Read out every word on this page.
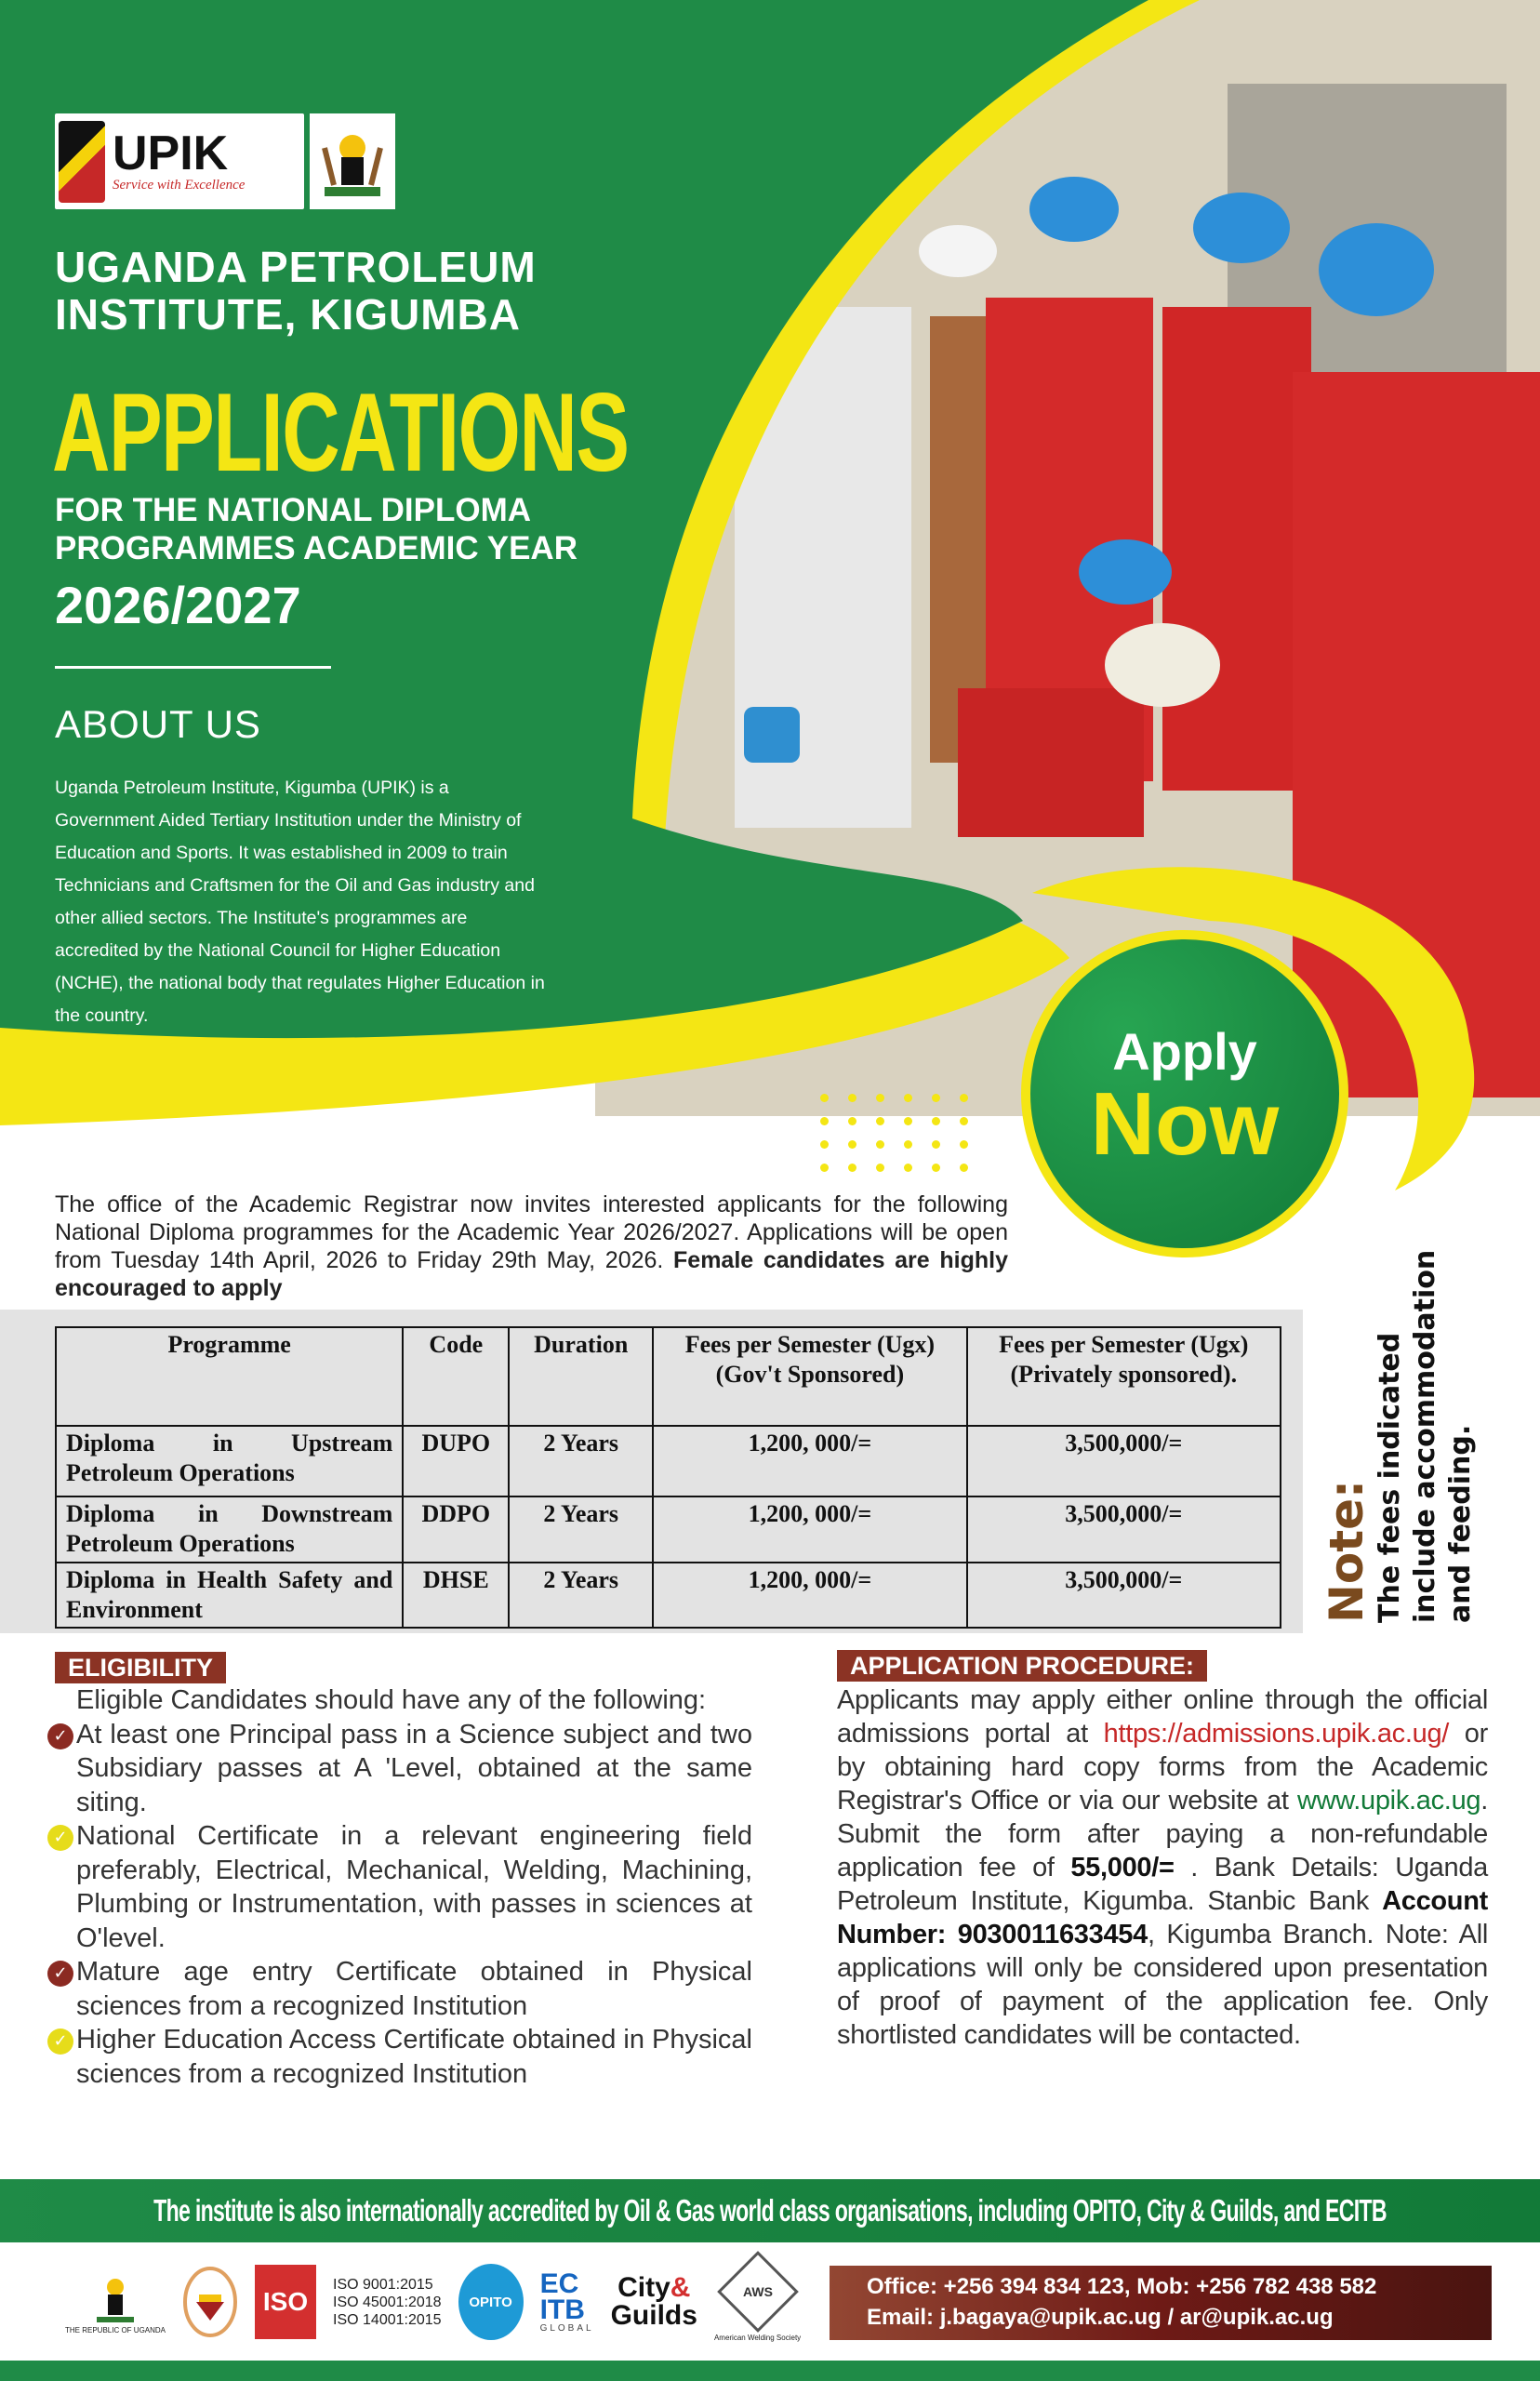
UPIK
Service with Excellence
UGANDA PETROLEUM
INSTITUTE, KIGUMBA
APPLICATIONS
FOR THE NATIONAL DIPLOMA
PROGRAMMES ACADEMIC YEAR
2026/2027
ABOUT US
Uganda Petroleum Institute, Kigumba (UPIK) is a Government Aided Tertiary Institution under the Ministry of Education and Sports. It was established in 2009 to train Technicians and Craftsmen for the Oil and Gas industry and other allied sectors. The Institute's programmes are accredited by the National Council for Higher Education (NCHE), the national body that regulates Higher Education in the country.
Apply
Now
The office of the Academic Registrar now invites interested applicants for the following National Diploma programmes for the Academic Year 2026/2027. Applications will be open from Tuesday 14th April, 2026 to Friday 29th May, 2026. Female candidates are highly encouraged to apply
Programme	Code	Duration	Fees per Semester (Ugx) (Gov't Sponsored)	Fees per Semester (Ugx) (Privately sponsored).
Diploma in Upstream Petroleum Operations	DUPO	2 Years	1,200, 000/=	3,500,000/=
Diploma in Downstream Petroleum Operations	DDPO	2 Years	1,200, 000/=	3,500,000/=
Diploma in Health Safety and Environment	DHSE	2 Years	1,200, 000/=	3,500,000/=	Note: The fees indicated include accommodation and feeding.
ELIGIBILITY
Eligible Candidates should have any of the following:
✓ At least one Principal pass in a Science subject and two Subsidiary passes at A 'Level, obtained at the same siting.
✓ National Certificate in a relevant engineering field preferably, Electrical, Mechanical, Welding, Machining, Plumbing or Instrumentation, with passes in sciences at O'level.
✓ Mature age entry Certificate obtained in Physical sciences from a recognized Institution
✓ Higher Education Access Certificate obtained in Physical sciences from a recognized Institution
APPLICATION PROCEDURE:
Applicants may apply either online through the official admissions portal at https://admissions.upik.ac.ug/ or by obtaining hard copy forms from the Academic Registrar's Office or via our website at www.upik.ac.ug. Submit the form after paying a non-refundable application fee of 55,000/= . Bank Details: Uganda Petroleum Institute, Kigumba. Stanbic Bank Account Number: 9030011633454, Kigumba Branch. Note: All applications will only be considered upon presentation of proof of payment of the application fee. Only shortlisted candidates will be contacted.
The institute is also internationally accredited by Oil & Gas world class organisations, including OPITO, City & Guilds, and ECITB
THE REPUBLIC OF UGANDA
ISO
ISO 9001:2015
ISO 45001:2018
ISO 14001:2015
OPITO
EC
ITB
GLOBAL
City&
Guilds
AWS
American Welding Society
Office: +256 394 834 123, Mob: +256 782 438 582
Email: j.bagaya@upik.ac.ug / ar@upik.ac.ug
